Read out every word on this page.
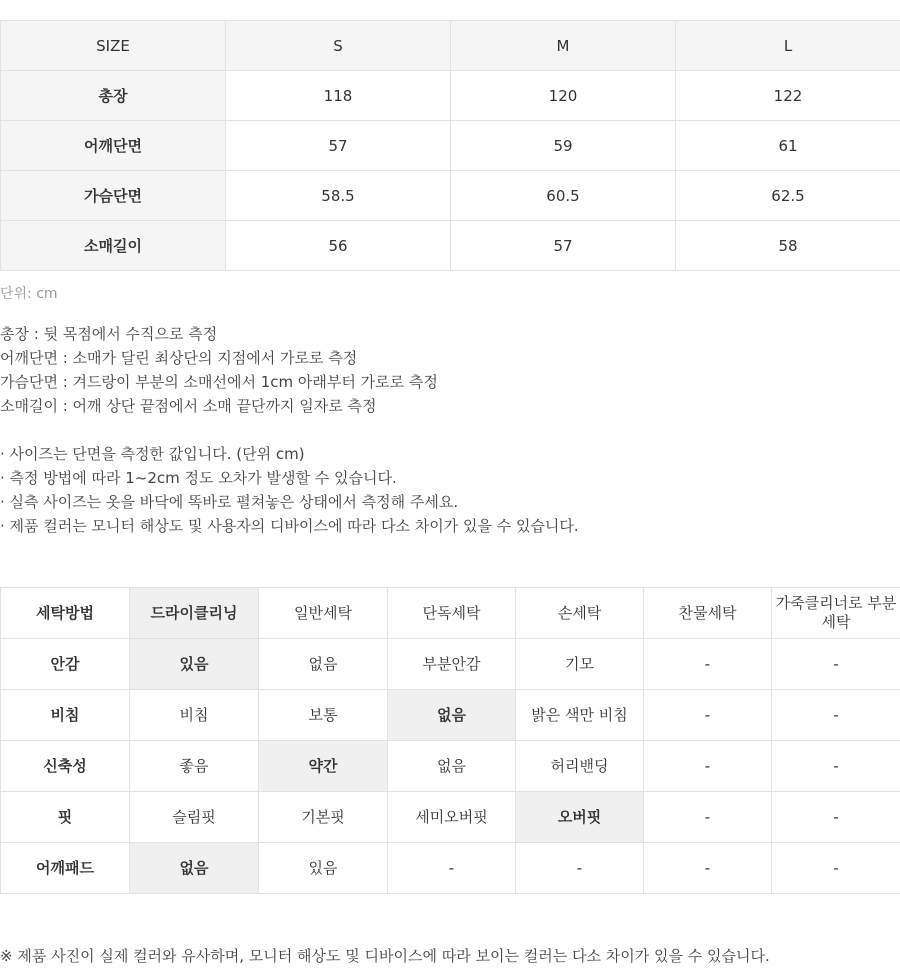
SIZE	S	M	L
총장	118	120	122
어깨단면	57	59	61
가슴단면	58.5	60.5	62.5
소매길이	56	57	58
단위: cm
총장 : 뒷 목점에서 수직으로 측정
어깨단면 : 소매가 달린 최상단의 지점에서 가로로 측정
가슴단면 : 겨드랑이 부분의 소매선에서 1cm 아래부터 가로로 측정
소매길이 : 어깨 상단 끝점에서 소매 끝단까지 일자로 측정
· 사이즈는 단면을 측정한 값입니다. (단위 cm)
· 측정 방법에 따라 1~2cm 정도 오차가 발생할 수 있습니다.
· 실측 사이즈는 옷을 바닥에 똑바로 펼쳐놓은 상태에서 측정해 주세요.
· 제품 컬러는 모니터 해상도 및 사용자의 디바이스에 따라 다소 차이가 있을 수 있습니다.
세탁방법	드라이클리닝	일반세탁	단독세탁	손세탁	찬물세탁	가죽클리너로 부분세탁
안감	있음	없음	부분안감	기모	-	-
비침	비침	보통	없음	밝은 색만 비침	-	-
신축성	좋음	약간	없음	허리밴딩	-	-
핏	슬림핏	기본핏	세미오버핏	오버핏	-	-
어깨패드	없음	있음	-	-	-	-
※ 제품 사진이 실제 컬러와 유사하며, 모니터 해상도 및 디바이스에 따라 보이는 컬러는 다소 차이가 있을 수 있습니다.
